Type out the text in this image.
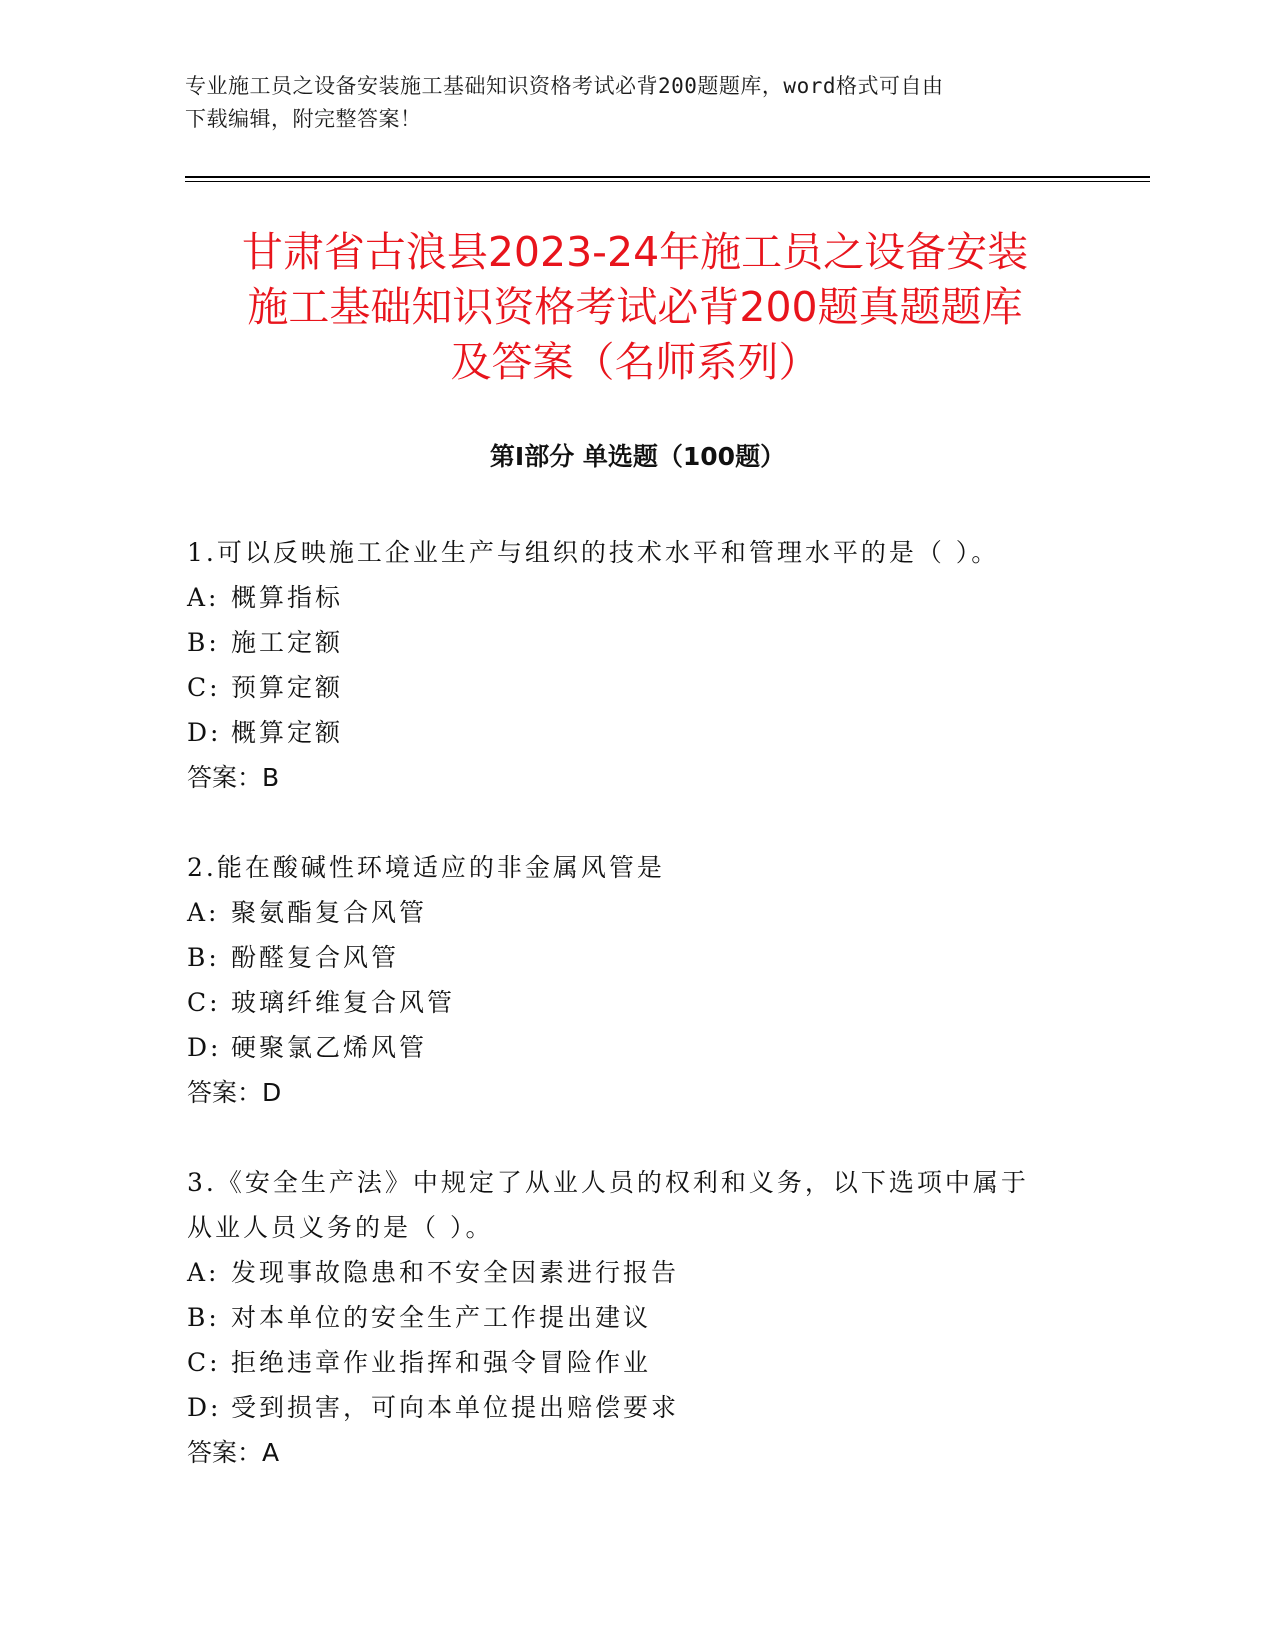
专业施工员之设备安装施工基础知识资格考试必背200题题库，word格式可自由
下载编辑，附完整答案！
甘肃省古浪县2023-24年施工员之设备安装
施工基础知识资格考试必背200题真题题库
及答案（名师系列）
第Ⅰ部分 单选题（100题）

1.可以反映施工企业生产与组织的技术水平和管理水平的是（ ）。

A: 概算指标

B: 施工定额

C: 预算定额

D: 概算定额

答案：B

2.能在酸碱性环境适应的非金属风管是

A: 聚氨酯复合风管

B: 酚醛复合风管

C: 玻璃纤维复合风管

D: 硬聚氯乙烯风管

答案：D

3.《安全生产法》中规定了从业人员的权利和义务，以下选项中属于

从业人员义务的是（ ）。

A: 发现事故隐患和不安全因素进行报告

B: 对本单位的安全生产工作提出建议

C: 拒绝违章作业指挥和强令冒险作业

D: 受到损害，可向本单位提出赔偿要求

答案：A
